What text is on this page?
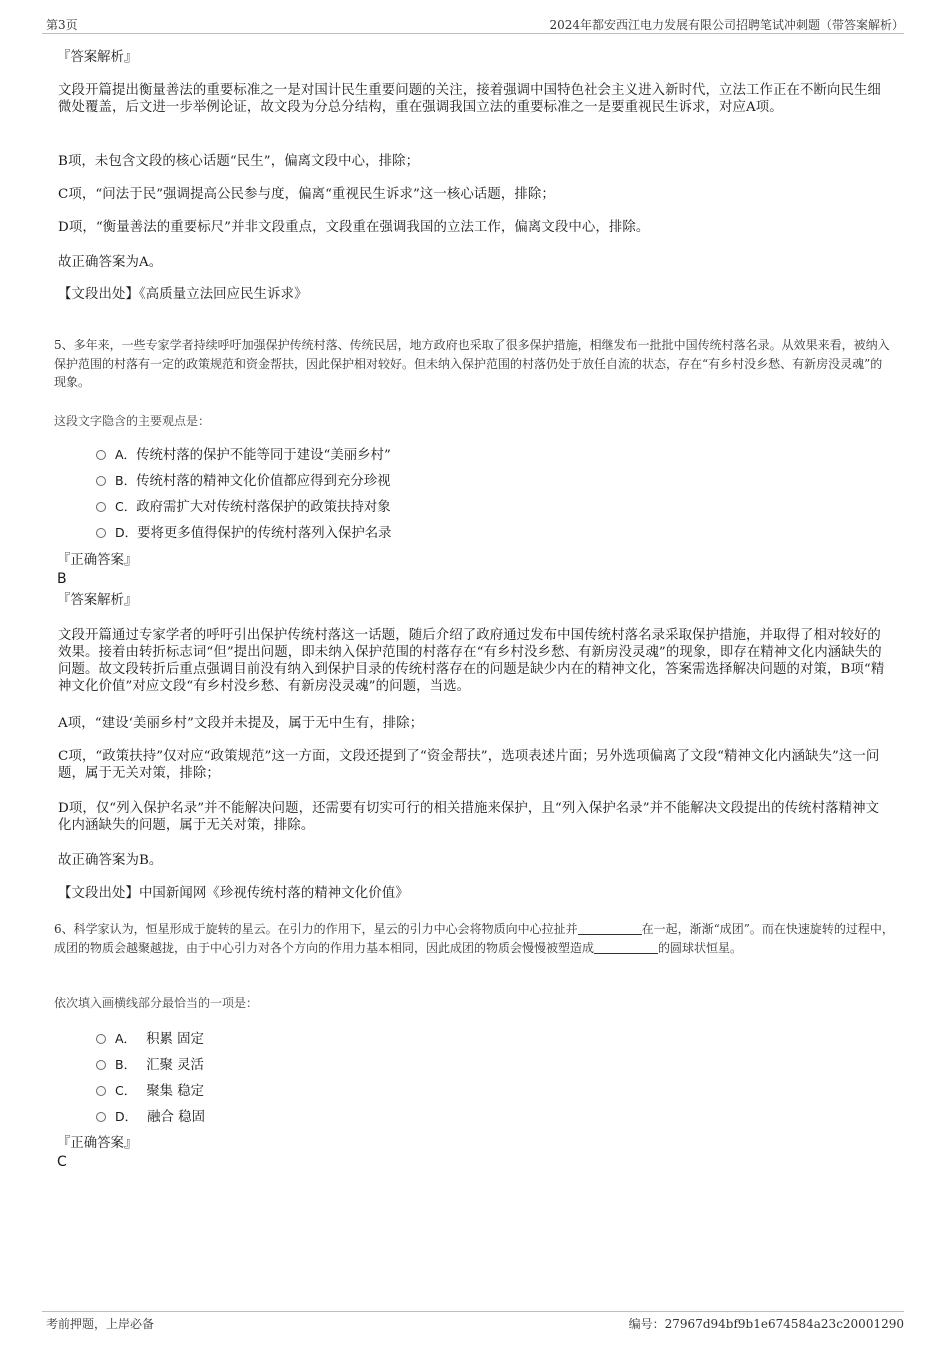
第3页	2024年都安西江电力发展有限公司招聘笔试冲刺题（带答案解析）
『答案解析』
文段开篇提出衡量善法的重要标准之一是对国计民生重要问题的关注，接着强调中国特色社会主义进入新时代，立法工作正在不断向民生细微处覆盖，后文进一步举例论证，故文段为分总分结构，重在强调我国立法的重要标准之一是要重视民生诉求，对应A项。
B项，未包含文段的核心话题“民生”，偏离文段中心，排除；
C项，“问法于民”强调提高公民参与度，偏离“重视民生诉求”这一核心话题，排除；
D项，“衡量善法的重要标尺”并非文段重点，文段重在强调我国的立法工作，偏离文段中心，排除。
故正确答案为A。
【文段出处】《高质量立法回应民生诉求》
5、多年来，一些专家学者持续呼吁加强保护传统村落、传统民居，地方政府也采取了很多保护措施，相继发布一批批中国传统村落名录。从效果来看，被纳入保护范围的村落有一定的政策规范和资金帮扶，因此保护相对较好。但未纳入保护范围的村落仍处于放任自流的状态，存在“有乡村没乡愁、有新房没灵魂”的现象。
这段文字隐含的主要观点是：
A．传统村落的保护不能等同于建设“美丽乡村”
B．传统村落的精神文化价值都应得到充分珍视
C．政府需扩大对传统村落保护的政策扶持对象
D．要将更多值得保护的传统村落列入保护名录
『正确答案』
B
『答案解析』
文段开篇通过专家学者的呼吁引出保护传统村落这一话题，随后介绍了政府通过发布中国传统村落名录采取保护措施，并取得了相对较好的效果。接着由转折标志词“但”提出问题，即未纳入保护范围的村落存在“有乡村没乡愁、有新房没灵魂”的现象，即存在精神文化内涵缺失的问题。故文段转折后重点强调目前没有纳入到保护目录的传统村落存在的问题是缺少内在的精神文化，答案需选择解决问题的对策，B项“精神文化价值”对应文段“有乡村没乡愁、有新房没灵魂”的问题，当选。
A项，“建设‘美丽乡村”文段并未提及，属于无中生有，排除；
C项，“政策扶持”仅对应“政策规范”这一方面，文段还提到了“资金帮扶”，选项表述片面；另外选项偏离了文段“精神文化内涵缺失”这一问题，属于无关对策，排除；
D项，仅“列入保护名录”并不能解决问题，还需要有切实可行的相关措施来保护，且“列入保护名录”并不能解决文段提出的传统村落精神文化内涵缺失的问题，属于无关对策，排除。
故正确答案为B。
【文段出处】中国新闻网《珍视传统村落的精神文化价值》
6、科学家认为，恒星形成于旋转的星云。在引力的作用下，星云的引力中心会将物质向中心拉扯并	在一起，渐渐“成团”。而在快速旋转的过程中，成团的物质会越聚越拢，由于中心引力对各个方向的作用力基本相同，因此成团的物质会慢慢被塑造成	的圆球状恒星。
依次填入画横线部分最恰当的一项是：
A． 积累 固定
B． 汇聚 灵活
C． 聚集 稳定
D． 融合 稳固
『正确答案』
C
考前押题，上岸必备	编号：27967d94bf9b1e674584a23c20001290
